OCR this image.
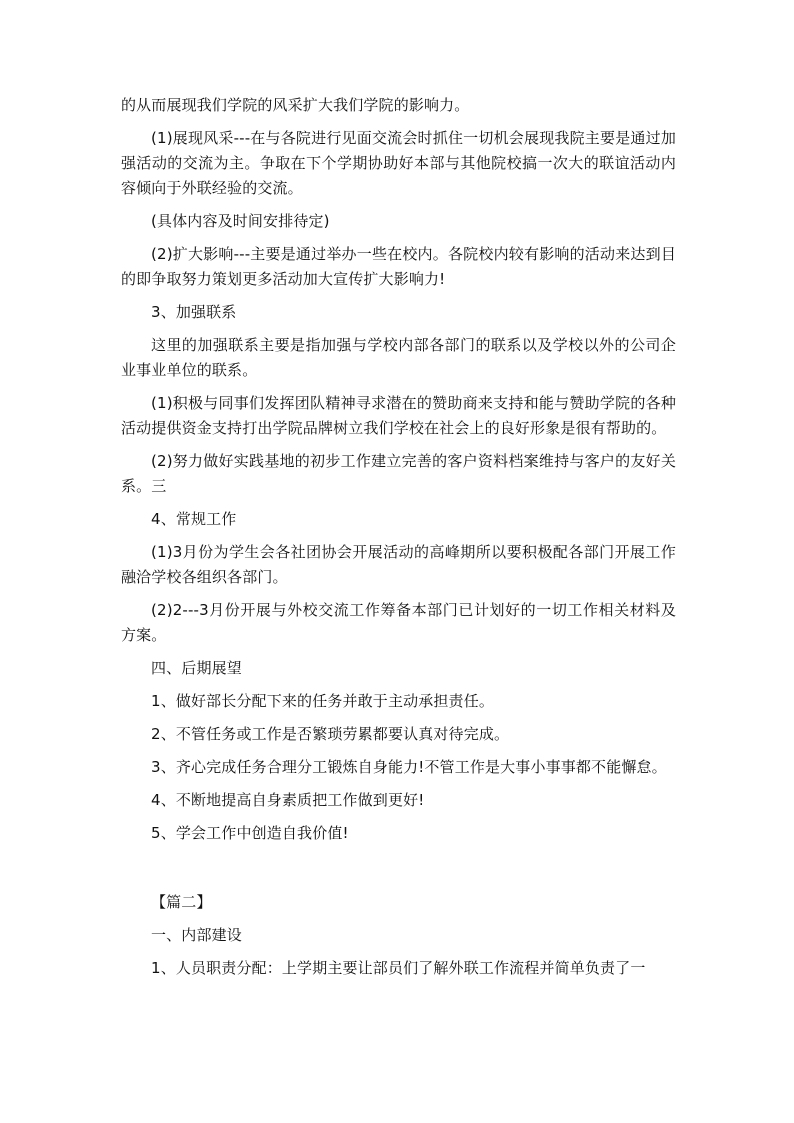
的从而展现我们学院的风采扩大我们学院的影响力。

(1)展现风采---在与各院进行见面交流会时抓住一切机会展现我院主要是通过加强活动的交流为主。争取在下个学期协助好本部与其他院校搞一次大的联谊活动内容倾向于外联经验的交流。

(具体内容及时间安排待定)

(2)扩大影响---主要是通过举办一些在校内。各院校内较有影响的活动来达到目的即争取努力策划更多活动加大宣传扩大影响力!

3、加强联系

这里的加强联系主要是指加强与学校内部各部门的联系以及学校以外的公司企业事业单位的联系。

(1)积极与同事们发挥团队精神寻求潜在的赞助商来支持和能与赞助学院的各种活动提供资金支持打出学院品牌树立我们学校在社会上的良好形象是很有帮助的。

(2)努力做好实践基地的初步工作建立完善的客户资料档案维持与客户的友好关系。三

4、常规工作

(1)3月份为学生会各社团协会开展活动的高峰期所以要积极配各部门开展工作融洽学校各组织各部门。

(2)2---3月份开展与外校交流工作筹备本部门已计划好的一切工作相关材料及方案。

四、后期展望

1、做好部长分配下来的任务并敢于主动承担责任。

2、不管任务或工作是否繁琐劳累都要认真对待完成。

3、齐心完成任务合理分工锻炼自身能力!不管工作是大事小事事都不能懈怠。

4、不断地提高自身素质把工作做到更好!

5、学会工作中创造自我价值!

【篇二】

一、内部建设

1、人员职责分配：上学期主要让部员们了解外联工作流程并简单负责了一
